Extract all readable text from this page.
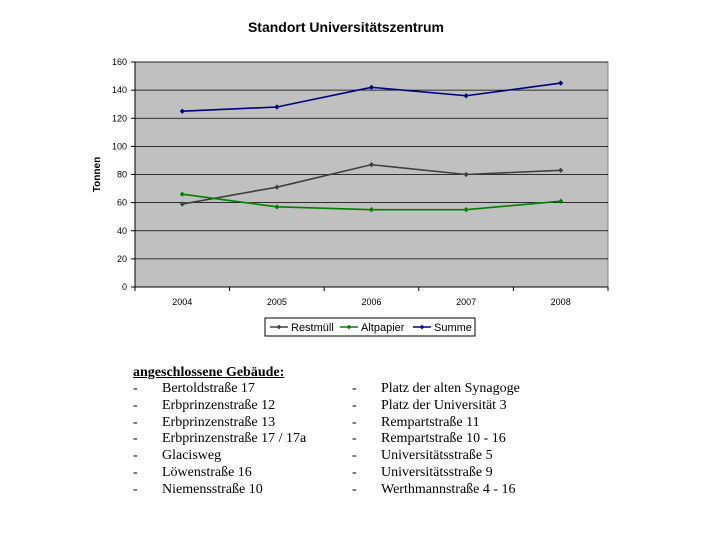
Standort Universitätszentrum
0
20
40
60
80
100
120
140
160
2004	2005	2006	2007	2008
Tonnen
Restmüll Altpapier	Summe
angeschlossene Gebäude:
-	Bertoldstraße 17	-	Platz der alten Synagoge
-	Erbprinzenstraße 12	-	Platz der Universität 3
-	Erbprinzenstraße 13	-	Rempartstraße 11
-	Erbprinzenstraße 17 / 17a	-	Rempartstraße 10 - 16
-	Glacisweg	-	Universitätsstraße 5
-	Löwenstraße 16	-	Universitätsstraße 9
-	Niemensstraße 10	-	Werthmannstraße 4 - 16
